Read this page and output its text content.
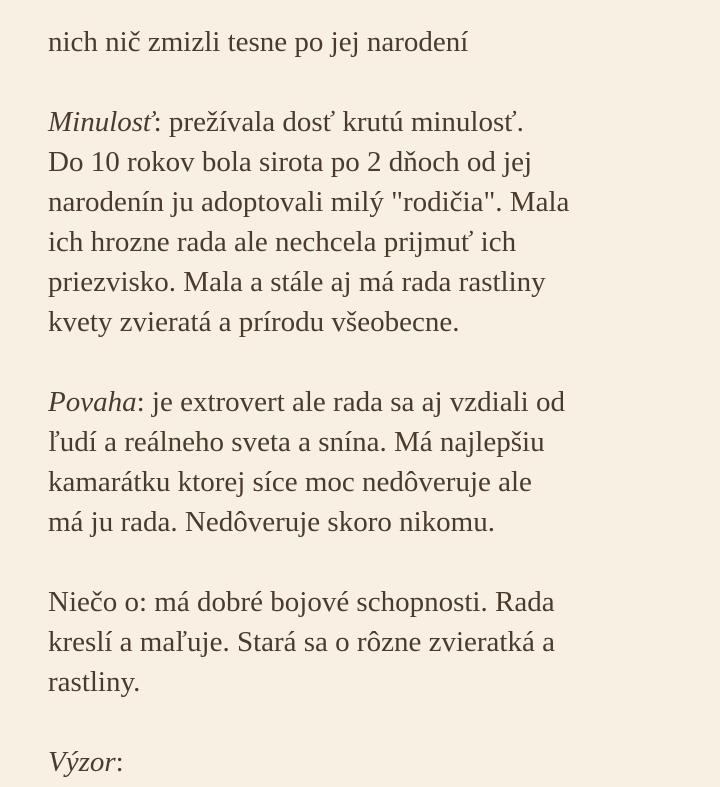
nich nič zmizli tesne po jej narodení
Minulosť: prežívala dosť krutú minulosť.
Do 10 rokov bola sirota po 2 dňoch od jej
narodenín ju adoptovali milý "rodičia". Mala
ich hrozne rada ale nechcela prijmuť ich
priezvisko. Mala a stále aj má rada rastliny
kvety zvieratá a prírodu všeobecne.
Povaha: je extrovert ale rada sa aj vzdiali od
ľudí a reálneho sveta a snína. Má najlepšiu
kamarátku ktorej síce moc nedôveruje ale
má ju rada. Nedôveruje skoro nikomu.
Niečo o: má dobré bojové schopnosti. Rada
kreslí a maľuje. Stará sa o rôzne zvieratká a
rastliny.
Výzor:
